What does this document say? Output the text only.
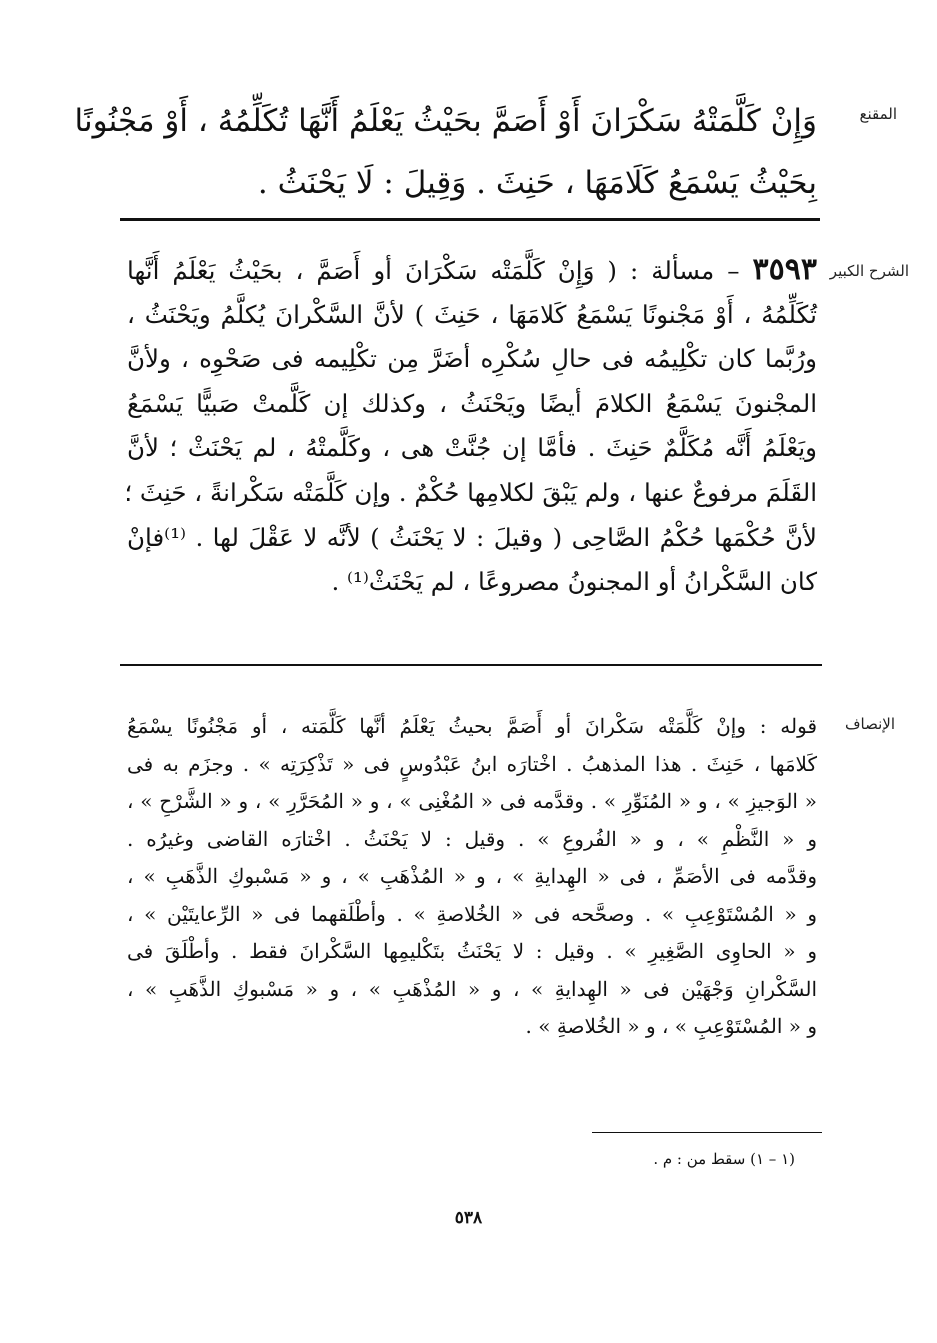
المقنع
الشرح الكبير
الإنصاف
وَإِنْ كَلَّمَتْهُ سَكْرَانَ أَوْ أَصَمَّ بحَيْثُ يَعْلَمُ أَنَّهَا تُكَلِّمُهُ ، أَوْ مَجْنُونًا
بِحَيْثُ يَسْمَعُ كَلَامَهَا ، حَنِثَ . وَقِيلَ : لَا يَحْنَثُ .
٣٥٩٣ – مسألة : ( وَإِنْ كَلَّمَتْه سَكْرَانَ أو أَصَمَّ ، بحَيْثُ يَعْلَمُ أَنَّها
تُكَلِّمُهُ ، أَوْ مَجْنونًا يَسْمَعُ كَلامَهَا ، حَنِثَ ) لأنَّ السَّكْرانَ يُكلَّمُ ويَحْنَثُ ،
ورُبَّما كان تكْلِيمُه فى حالِ سُكْرِه أضَرَّ مِن تكْلِيمه فى صَحْوِه ، ولأنَّ
المجْنونَ يَسْمَعُ الكلامَ أيضًا ويَحْنَثُ ، وكذلك إن كَلَّمتْ صَبيًّا يَسْمَعُ
ويَعْلَمُ أَنَّه مُكَلَّمٌ حَنِثَ . فأمَّا إن جُنَّتْ هى ، وكَلَّمتْهُ ، لم يَحْنَثْ ؛ لأنَّ
القَلَمَ مرفوعٌ عنها ، ولم يَبْقَ لكلامِها حُكْمٌ . وإن كَلَّمَتْه سَكْرانةً ، حَنِثَ ؛
لأنَّ حُكْمَها حُكْمُ الصَّاحِى ( وقيلَ : لا يَحْنَثُ ) لأنَّه لا عَقْلَ لها . ⁽¹⁾فإنْ
كان السَّكْرانُ أو المجنونُ مصروعًا ، لم يَحْنَثْ⁽¹⁾ .
قوله : وإنْ كَلَّمَتْه سَكْرانَ أو أَصَمَّ بحيثُ يَعْلَمُ أنَّها كَلَّمَته ، أو مَجْنُونًا يسْمَعُ
كَلامَها ، حَنِثَ . هذا المذهبُ . اخْتارَه ابنُ عَبْدُوسٍ فى « تَذْكِرَتِه » . وجزَم به فى
« الوَجيزِ » ، و « المُنَوِّرِ » . وقدَّمه فى « المُغْنِى » ، و « المُحَرَّرِ » ، و « الشَّرْحِ » ،
و « النَّظْمِ » ، و « الفُروعِ » . وقيل : لا يَحْنَثُ . اخْتارَه القاضى وغيرُه .
وقدَّمه فى الأصَمِّ ، فى « الهِدايةِ » ، و « المُذْهَبِ » ، و « مَسْبوكِ الذَّهَبِ » ،
و « المُسْتَوْعِبِ » . وصحَّحه فى « الخُلاصةِ » . وأطْلَقهما فى « الرِّعايتَيْن » ،
و « الحاوِى الصَّغِيرِ » . وقيل : لا يَحْنَثُ بتَكْليمِها السَّكْرانَ فقط . وأطْلَقَ فى
السَّكْرانِ وَجْهَيْن فى « الهِدايةِ » ، و « المُذْهَبِ » ، و « مَسْبوكِ الذَّهَبِ » ،
و « المُسْتَوْعِبِ » ، و « الخُلاصةِ » .
(١ – ١) سقط من : م .
٥٣٨
